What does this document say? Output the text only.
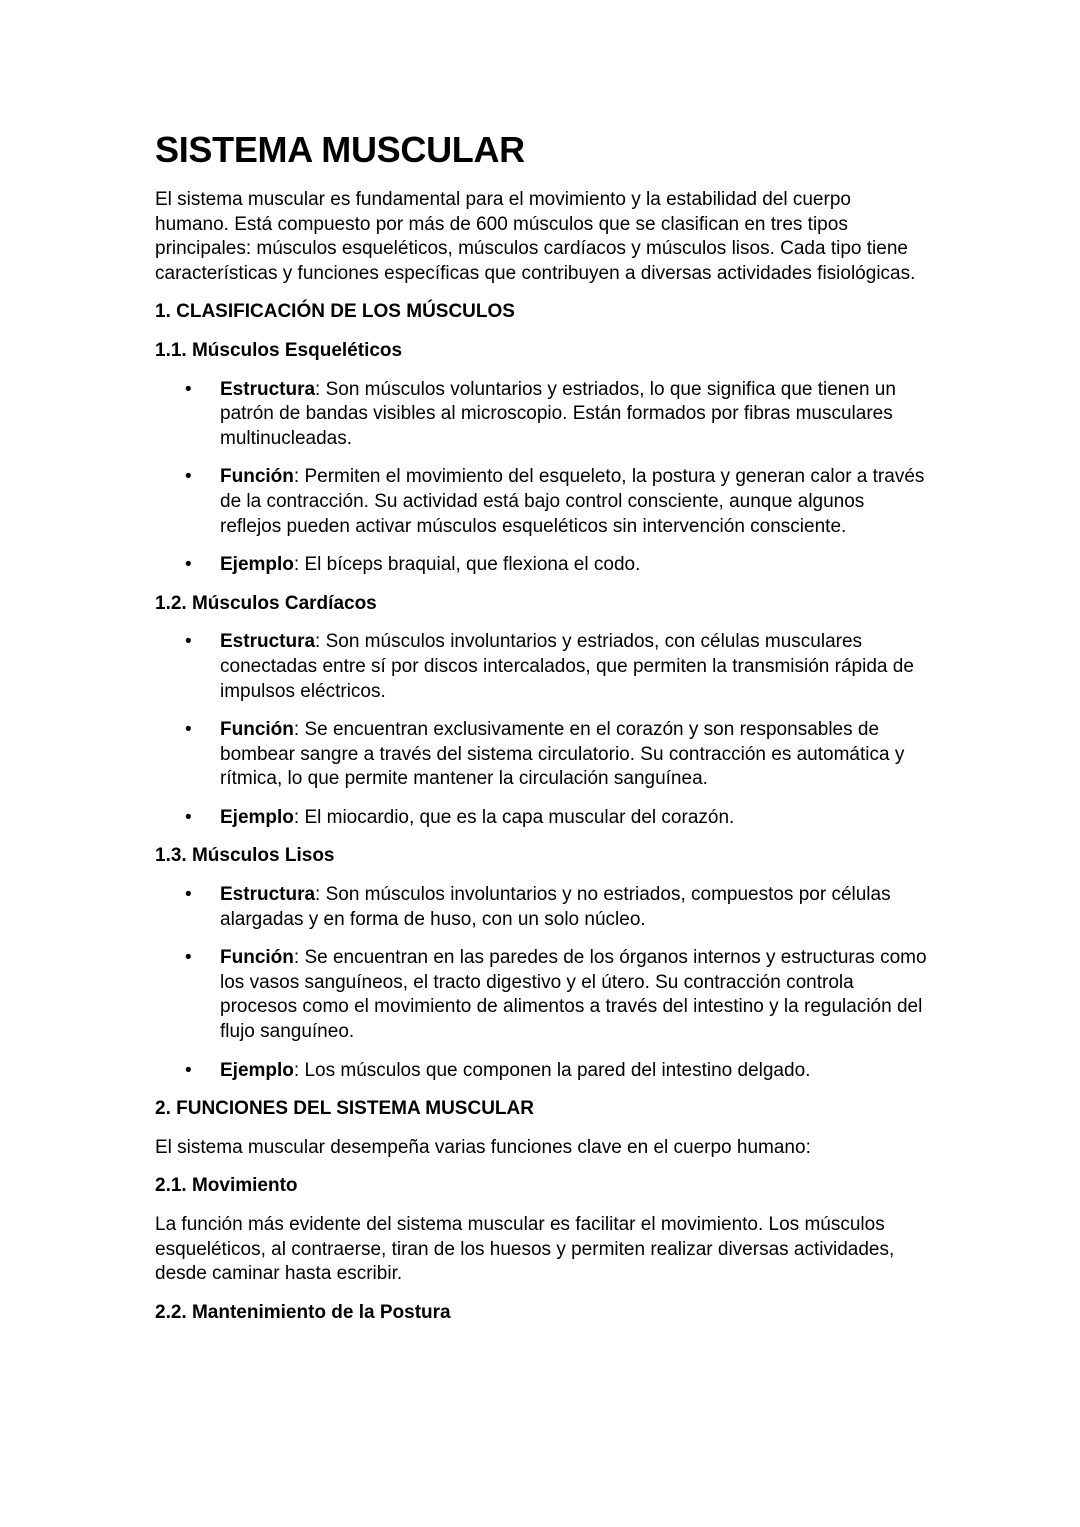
SISTEMA MUSCULAR

El sistema muscular es fundamental para el movimiento y la estabilidad del cuerpo humano. Está compuesto por más de 600 músculos que se clasifican en tres tipos principales: músculos esqueléticos, músculos cardíacos y músculos lisos. Cada tipo tiene características y funciones específicas que contribuyen a diversas actividades fisiológicas.

1. CLASIFICACIÓN DE LOS MÚSCULOS
1.1. Músculos Esqueléticos
• Estructura: Son músculos voluntarios y estriados, lo que significa que tienen un patrón de bandas visibles al microscopio. Están formados por fibras musculares multinucleadas.
• Función: Permiten el movimiento del esqueleto, la postura y generan calor a través de la contracción. Su actividad está bajo control consciente, aunque algunos reflejos pueden activar músculos esqueléticos sin intervención consciente.
• Ejemplo: El bíceps braquial, que flexiona el codo.
1.2. Músculos Cardíacos
• Estructura: Son músculos involuntarios y estriados, con células musculares conectadas entre sí por discos intercalados, que permiten la transmisión rápida de impulsos eléctricos.
• Función: Se encuentran exclusivamente en el corazón y son responsables de bombear sangre a través del sistema circulatorio. Su contracción es automática y rítmica, lo que permite mantener la circulación sanguínea.
• Ejemplo: El miocardio, que es la capa muscular del corazón.
1.3. Músculos Lisos
• Estructura: Son músculos involuntarios y no estriados, compuestos por células alargadas y en forma de huso, con un solo núcleo.
• Función: Se encuentran en las paredes de los órganos internos y estructuras como los vasos sanguíneos, el tracto digestivo y el útero. Su contracción controla procesos como el movimiento de alimentos a través del intestino y la regulación del flujo sanguíneo.
• Ejemplo: Los músculos que componen la pared del intestino delgado.
2. FUNCIONES DEL SISTEMA MUSCULAR

El sistema muscular desempeña varias funciones clave en el cuerpo humano:

2.1. Movimiento

La función más evidente del sistema muscular es facilitar el movimiento. Los músculos esqueléticos, al contraerse, tiran de los huesos y permiten realizar diversas actividades, desde caminar hasta escribir.

2.2. Mantenimiento de la Postura
